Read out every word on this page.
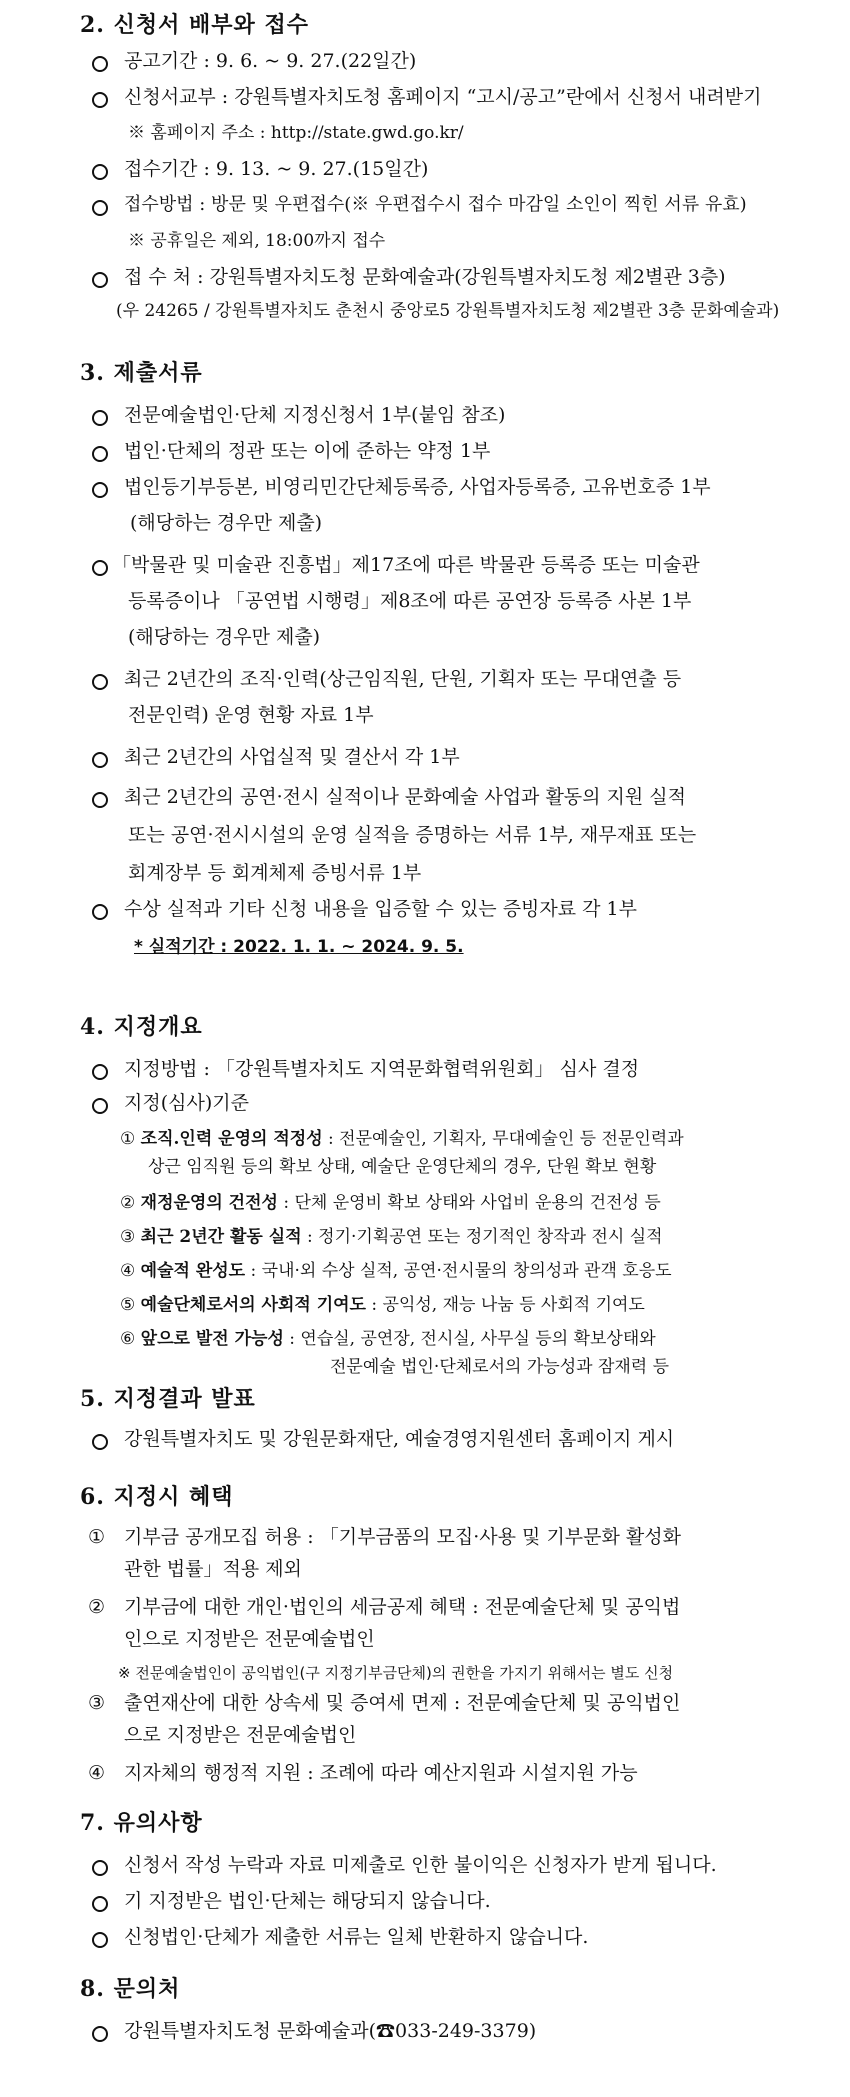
2. 신청서 배부와 접수
공고기간 : 9. 6. ~ 9. 27.(22일간)
신청서교부 : 강원특별자치도청 홈페이지 “고시/공고”란에서 신청서 내려받기
※ 홈페이지 주소 : http://state.gwd.go.kr/
접수기간 : 9. 13. ~ 9. 27.(15일간)
접수방법 : 방문 및 우편접수(※ 우편접수시 접수 마감일 소인이 찍힌 서류 유효)
※ 공휴일은 제외, 18:00까지 접수
접 수 처 : 강원특별자치도청 문화예술과(강원특별자치도청 제2별관 3층)
(우 24265 / 강원특별자치도 춘천시 중앙로5 강원특별자치도청 제2별관 3층 문화예술과)
3. 제출서류
전문예술법인·단체 지정신청서 1부(붙임 참조)
법인·단체의 정관 또는 이에 준하는 약정 1부
법인등기부등본, 비영리민간단체등록증, 사업자등록증, 고유번호증 1부
(해당하는 경우만 제출)
「박물관 및 미술관 진흥법」제17조에 따른 박물관 등록증 또는 미술관
등록증이나 「공연법 시행령」제8조에 따른 공연장 등록증 사본 1부
(해당하는 경우만 제출)
최근 2년간의 조직·인력(상근임직원, 단원, 기획자 또는 무대연출 등
전문인력) 운영 현황 자료 1부
최근 2년간의 사업실적 및 결산서 각 1부
최근 2년간의 공연·전시 실적이나 문화예술 사업과 활동의 지원 실적
또는 공연·전시시설의 운영 실적을 증명하는 서류 1부, 재무재표 또는
회계장부 등 회계체제 증빙서류 1부
수상 실적과 기타 신청 내용을 입증할 수 있는 증빙자료 각 1부
* 실적기간 : 2022. 1. 1. ~ 2024. 9. 5.
4. 지정개요
지정방법 : 「강원특별자치도 지역문화협력위원회」 심사 결정
지정(심사)기준
① 조직.인력 운영의 적정성 : 전문예술인, 기획자, 무대예술인 등 전문인력과
상근 임직원 등의 확보 상태, 예술단 운영단체의 경우, 단원 확보 현황
② 재정운영의 건전성 : 단체 운영비 확보 상태와 사업비 운용의 건전성 등
③ 최근 2년간 활동 실적 : 정기·기획공연 또는 정기적인 창작과 전시 실적
④ 예술적 완성도 : 국내·외 수상 실적, 공연·전시물의 창의성과 관객 호응도
⑤ 예술단체로서의 사회적 기여도 : 공익성, 재능 나눔 등 사회적 기여도
⑥ 앞으로 발전 가능성 : 연습실, 공연장, 전시실, 사무실 등의 확보상태와
전문예술 법인·단체로서의 가능성과 잠재력 등
5. 지정결과 발표
강원특별자치도 및 강원문화재단, 예술경영지원센터 홈페이지 게시
6. 지정시 혜택
① 기부금 공개모집 허용 : 「기부금품의 모집·사용 및 기부문화 활성화
관한 법률」적용 제외
② 기부금에 대한 개인·법인의 세금공제 혜택 : 전문예술단체 및 공익법
인으로 지정받은 전문예술법인
※ 전문예술법인이 공익법인(구 지정기부금단체)의 권한을 가지기 위해서는 별도 신청
③ 출연재산에 대한 상속세 및 증여세 면제 : 전문예술단체 및 공익법인
으로 지정받은 전문예술법인
④ 지자체의 행정적 지원 : 조례에 따라 예산지원과 시설지원 가능
7. 유의사항
신청서 작성 누락과 자료 미제출로 인한 불이익은 신청자가 받게 됩니다.
기 지정받은 법인·단체는 해당되지 않습니다.
신청법인·단체가 제출한 서류는 일체 반환하지 않습니다.
8. 문의처
강원특별자치도청 문화예술과(☎033-249-3379)
